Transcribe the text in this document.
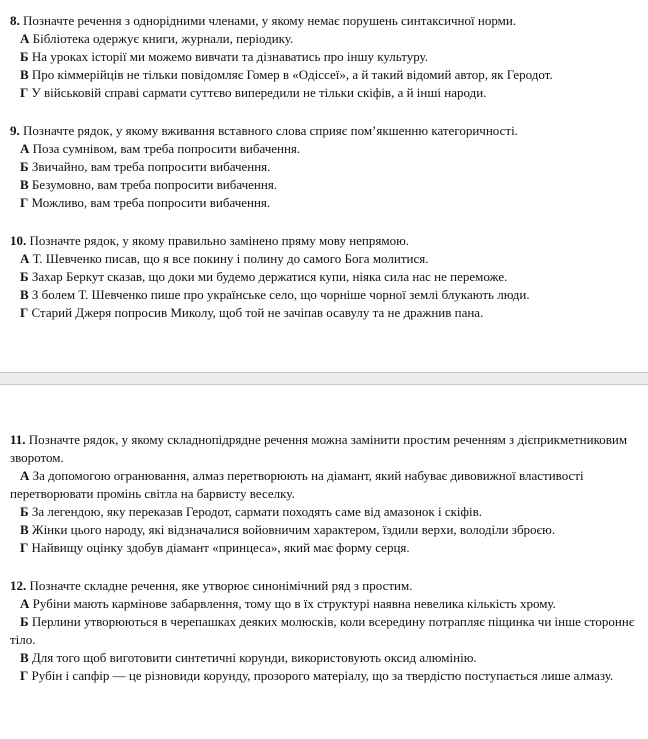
8. Позначте речення з однорідними членами, у якому немає порушень синтаксичної норми.

А Бібліотека одержує книги, журнали, періодику.

Б На уроках історії ми можемо вивчати та дізнаватись про іншу культуру.

В Про кіммерійців не тільки повідомляє Гомер в «Одіссеї», а й такий відомий автор, як Геродот.

Г У військовій справі сармати суттєво випередили не тільки скіфів, а й інші народи.

9. Позначте рядок, у якому вживання вставного слова сприяє пом’якшенню категоричності.

А Поза сумнівом, вам треба попросити вибачення.

Б Звичайно, вам треба попросити вибачення.

В Безумовно, вам треба попросити вибачення.

Г Можливо, вам треба попросити вибачення.

10. Позначте рядок, у якому правильно замінено пряму мову непрямою.

А Т. Шевченко писав, що я все покину і полину до самого Бога молитися.

Б Захар Беркут сказав, що доки ми будемо держатися купи, ніяка сила нас не переможе.

В З болем Т. Шевченко пише про українське село, що чорніше чорної землі блукають люди.

Г Старий Джеря попросив Миколу, щоб той не зачіпав осавулу та не дражнив пана.

11. Позначте рядок, у якому складнопідрядне речення можна замінити простим реченням з дієприкметниковим зворотом.

А За допомогою огранювання, алмаз перетворюють на діамант, який набуває дивовижної властивості перетворювати промінь світла на барвисту веселку.

Б За легендою, яку переказав Геродот, сармати походять саме від амазонок і скіфів.

В Жінки цього народу, які відзначалися войовничим характером, їздили верхи, володіли зброєю.

Г Найвищу оцінку здобув діамант «принцеса», який має форму серця.

12. Позначте складне речення, яке утворює синонімічний ряд з простим.

А Рубіни мають кармінове забарвлення, тому що в їх структурі наявна невелика кількість хрому.

Б Перлини утворюються в черепашках деяких молюсків, коли всередину потрапляє піщинка чи інше стороннє тіло.

В Для того щоб виготовити синтетичні корунди, використовують оксид алюмінію.

Г Рубін і сапфір — це різновиди корунду, прозорого матеріалу, що за твердістю поступається лише алмазу.
